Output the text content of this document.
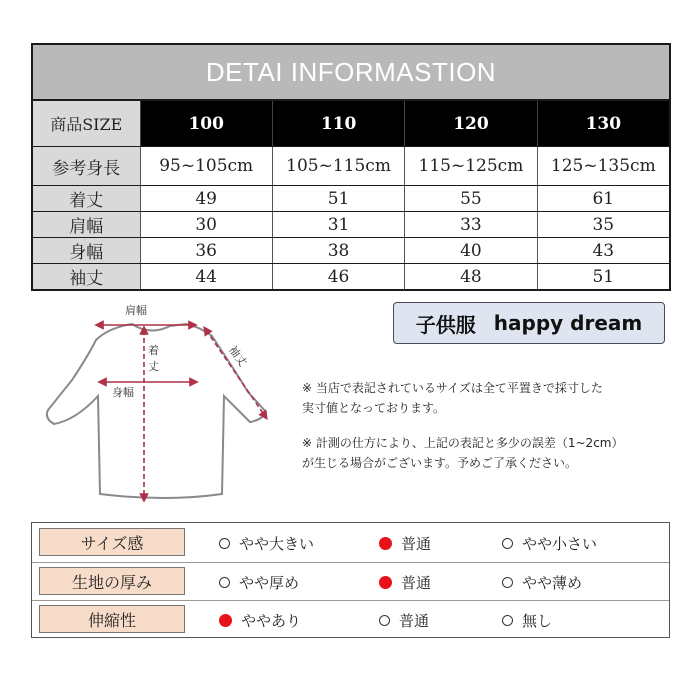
DETAI INFORMASTION
商品SIZE	100	110	120	130
参考身長	95~105cm	105~115cm	115~125cm	125~135cm
着丈	49	51	55	61
肩幅	30	31	33	35
身幅	36	38	40	43
袖丈	44	46	48	51
肩幅
着
丈
身幅
袖丈
子供服 happy dream
※ 当店で表記されているサイズは全て平置きで採寸した
実寸値となっております。
※ 計測の仕方により、上記の表記と多少の誤差（1~2cm）
が生じる場合がございます。予めご了承ください。
サイズ感	やや大きい	普通	やや小さい
生地の厚み	やや厚め	普通	やや薄め
伸縮性	ややあり	普通	無し
